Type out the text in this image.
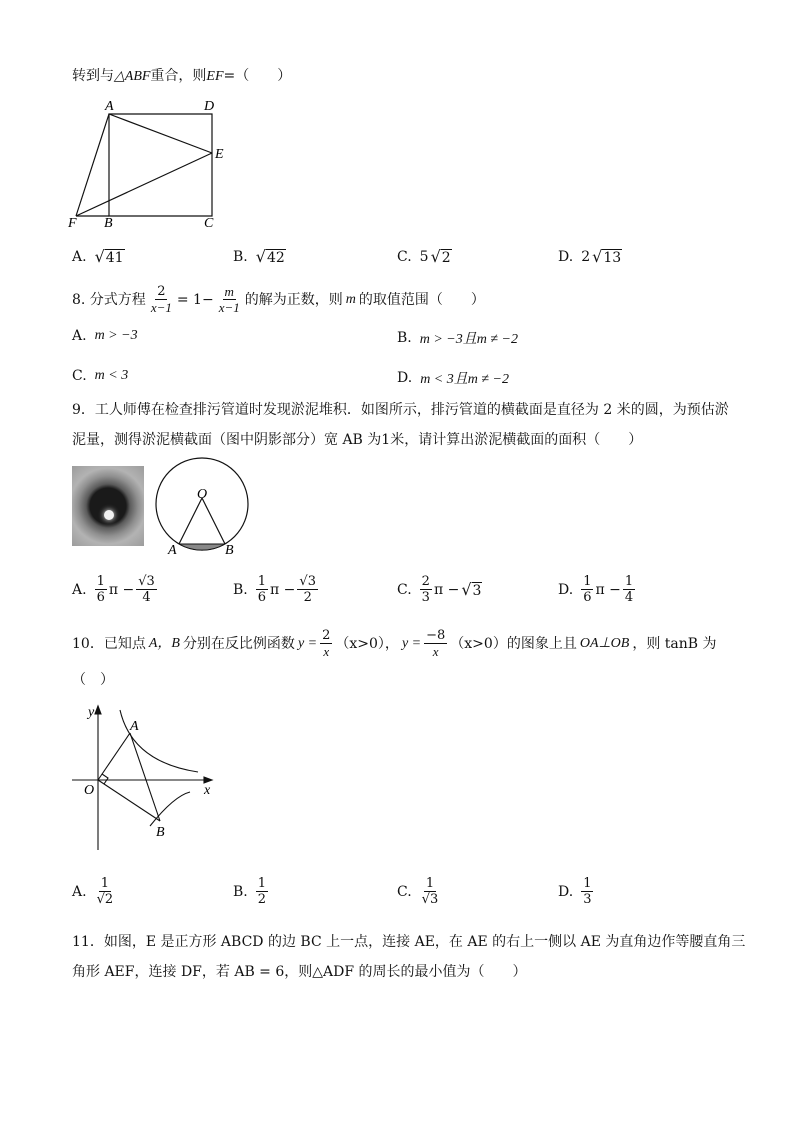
转到与△ABF重合，则EF=（　　）
A	D
E
F B	C
A. √ 41	B. √ 42	C. 5 √ 2	D. 2 √ 13
8. 分式方程 $\frac{2}{x-1} = 1- \frac{m}{x-1}$ 的解为正数，则 m 的取值范围（　　）
A. m > −3	B. m > −3且m ≠ −2
C. m < 3	D. m < 3且m ≠ −2
9．工人师傅在检查排污管道时发现淤泥堆积．如图所示，排污管道的横截面是直径为 2 米的圆，为预估淤
泥量，测得淤泥横截面（图中阴影部分）宽 AB 为1米，请计算出淤泥横截面的面积（　　）
O
A	B
A. $\frac{1}{6}$ $\pi - \frac{√3}{4}$	B. $\frac{1}{6}$ $\pi - \frac{√3}{2}$	C. $\frac{2}{3}$ π − √ 3	D. $\frac{1}{6}$ $\pi - \frac{1}{4}$
10．已知点 A，B 分别在反比例函数 $y = \frac{2}{x} (x>0)$， $y = \frac{-8}{x} (x>0)$的图象上且 OA⊥OB ，则 tanB 为
（　）
y
x
O
A
B
A. $\frac{1}{√2}$	B. $\frac{1}{2}$	C. $\frac{1}{√3}$	D. $\frac{1}{3}$
11．如图，E 是正方形 ABCD 的边 BC 上一点，连接 AE，在 AE 的右上一侧以 AE 为直角边作等腰直角三
角形 AEF，连接 DF，若 AB = 6，则△ADF 的周长的最小值为（　　）
